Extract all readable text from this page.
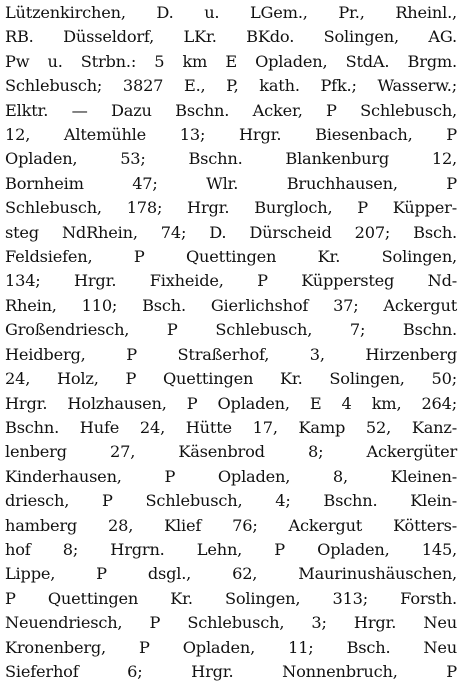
Lützenkirchen, D. u. LGem., Pr., Rheinl.,
RB. Düsseldorf, LKr. BKdo. Solingen, AG.
Pw u. Strbn.: 5 km E Opladen, StdA. Brgm.
Schlebusch; 3827 E., P, kath. Pfk.; Wasserw.;
Elktr. — Dazu Bschn. Acker, P Schlebusch,
12, Altemühle 13; Hrgr. Biesenbach, P
Opladen, 53; Bschn. Blankenburg 12,
Bornheim 47; Wlr. Bruchhausen, P
Schlebusch, 178; Hrgr. Burgloch, P Küpper-
steg NdRhein, 74; D. Dürscheid 207; Bsch.
Feldsiefen, P Quettingen Kr. Solingen,
134; Hrgr. Fixheide, P Küppersteg Nd-
Rhein, 110; Bsch. Gierlichshof 37; Ackergut
Großendriesch, P Schlebusch, 7; Bschn.
Heidberg, P Straßerhof, 3, Hirzenberg
24, Holz, P Quettingen Kr. Solingen, 50;
Hrgr. Holzhausen, P Opladen, E 4 km, 264;
Bschn. Hufe 24, Hütte 17, Kamp 52, Kanz-
lenberg 27, Käsenbrod 8; Ackergüter
Kinderhausen, P Opladen, 8, Kleinen-
driesch, P Schlebusch, 4; Bschn. Klein-
hamberg 28, Klief 76; Ackergut Kötters-
hof 8; Hrgrn. Lehn, P Opladen, 145,
Lippe, P dsgl., 62, Maurinushäuschen,
P Quettingen Kr. Solingen, 313; Forsth.
Neuendriesch, P Schlebusch, 3; Hrgr. Neu
Kronenberg, P Opladen, 11; Bsch. Neu
Sieferhof 6; Hrgr. Nonnenbruch, P
